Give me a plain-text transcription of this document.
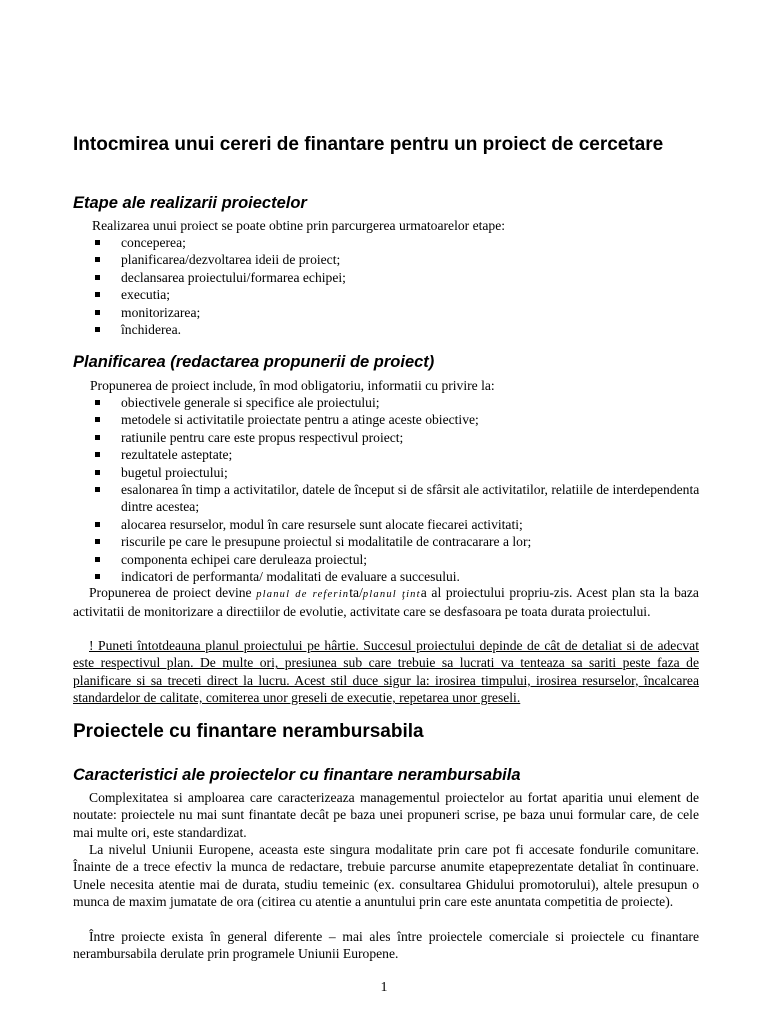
Intocmirea unui cereri de finantare pentru un proiect de cercetare
Etape ale realizarii proiectelor
Realizarea unui proiect se poate obtine prin parcurgerea urmatoarelor etape:
conceperea;
planificarea/dezvoltarea ideii de proiect;
declansarea proiectului/formarea echipei;
executia;
monitorizarea;
închiderea.
Planificarea (redactarea propunerii de proiect)
Propunerea de proiect include, în mod obligatoriu, informatii cu privire la:
obiectivele generale si specifice ale proiectului;
metodele si activitatile proiectate pentru a atinge aceste obiective;
ratiunile pentru care este propus respectivul proiect;
rezultatele asteptate;
bugetul proiectului;
esalonarea în timp a activitatilor, datele de început si de sfârsit ale activitatilor, relatiile de interdependenta dintre acestea;
alocarea resurselor, modul în care resursele sunt alocate fiecarei activitati;
riscurile pe care le presupune proiectul si modalitatile de contracarare a lor;
componenta echipei care deruleaza proiectul;
indicatori de performanta/ modalitati de evaluare a succesului.

Propunerea de proiect devine planul de referinta/planul ţinta al proiectului propriu-zis. Acest plan sta la baza activitatii de monitorizare a directiilor de evolutie, activitate care se desfasoara pe toata durata proiectului.

! Puneti întotdeauna planul proiectului pe hârtie. Succesul proiectului depinde de cât de detaliat si de adecvat este respectivul plan. De multe ori, presiunea sub care trebuie sa lucrati va tenteaza sa sariti peste faza de planificare si sa treceti direct la lucru. Acest stil duce sigur la: irosirea timpului, irosirea resurselor, încalcarea standardelor de calitate, comiterea unor greseli de executie, repetarea unor greseli.

Proiectele cu finantare nerambursabila
Caracteristici ale proiectelor cu finantare nerambursabila

Complexitatea si amploarea care caracterizeaza managementul proiectelor au fortat aparitia unui element de noutate: proiectele nu mai sunt finantate decât pe baza unei propuneri scrise, pe baza unui formular care, de cele mai multe ori, este standardizat.

La nivelul Uniunii Europene, aceasta este singura modalitate prin care pot fi accesate fondurile comunitare. Înainte de a trece efectiv la munca de redactare, trebuie parcurse anumite etapeprezentate detaliat în continuare. Unele necesita atentie mai de durata, studiu temeinic (ex. consultarea Ghidului promotorului), altele presupun o munca de maxim jumatate de ora (citirea cu atentie a anuntului prin care este anuntata competitia de proiecte).

Între proiecte exista în general diferente – mai ales între proiectele comerciale si proiectele cu finantare nerambursabila derulate prin programele Uniunii Europene.

1
